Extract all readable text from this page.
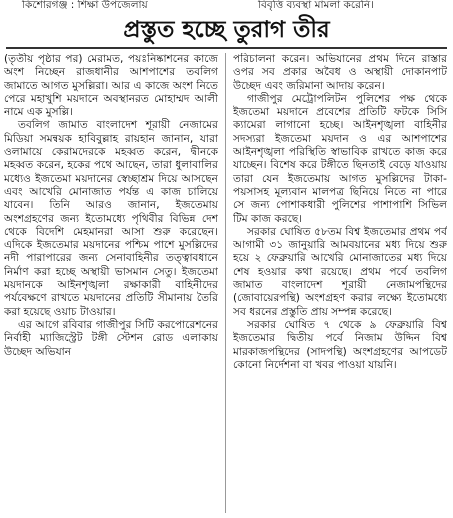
কিশোরগঞ্জ : শিক্ষা উপজেলায়	বিবৃত্তি ব্যবস্থা মামলা করেনি।
প্রস্তুত হচ্ছে তুরাগ তীর

(তৃতীয় পৃষ্ঠার পর) মেরামত, পয়ঃনিষ্কাশনের কাজে অংশ নিচ্ছেন রাজধানীর আশপাশের তবলিগ জামাতে আগত মুসল্লিরা। আর এ কাজে অংশ নিতে পেরে মহাখুশি ময়দানে অবস্থানরত মোহাম্মদ আলী নামে এক মুসল্লি।

তবলিগ জামাত বাংলাদেশ শূরায়ী নেজামের মিডিয়া সমন্বয়ক হাবিবুল্লাহ রায়হান জানান, যারা ওলামায়ে কেরামদেরকে মহব্বত করেন, দ্বীনকে মহব্বত করেন, হকের পথে আছেন, তারা ধুলাবালির মধ্যেও ইজতেমা ময়দানের স্বেচ্ছাশ্রম দিয়ে আসছেন এবং আখেরি মোনাজাত পর্যন্ত এ কাজ চালিয়ে যাবেন। তিনি আরও জানান, ইজতেমায় অংশগ্রহণের জন্য ইতোমধ্যে পৃথিবীর বিভিন্ন দেশ থেকে বিদেশি মেহমানরা আসা শুরু করেছেন। এদিকে ইজতেমার ময়দানের পশ্চিম পাশে মুসল্লিদের নদী পারাপারের জন্য সেনাবাহিনীর তত্ত্বাবধানে নির্মাণ করা হচ্ছে অস্থায়ী ভাসমান সেতু। ইজতেমা ময়দানকে আইনশৃঙ্খলা রক্ষাকারী বাহিনীদের পর্যবেক্ষণে রাখতে ময়দানের প্রতিটি সীমানায় তৈরি করা হয়েছে ওয়াচ টাওয়ার।

এর আগে রবিবার গাজীপুর সিটি করপোরেশনের নির্বাহী ম্যাজিস্ট্রেট টঙ্গী স্টেশন রোড এলাকায় উচ্ছেদ অভিযান

পরিচালনা করেন। অভিযানের প্রথম দিনে রাস্তার ওপর সব প্রকার অবৈধ ও অস্থায়ী দোকানপাট উচ্ছেদ এবং জরিমানা আদায় করেন।

গাজীপুর মেট্রোপলিটন পুলিশের পক্ষ থেকে ইজতেমা ময়দানে প্রবেশের প্রতিটি ফটকে সিসি ক্যামেরা লাগানো হচ্ছে। আইনশৃঙ্খলা বাহিনীর সদস্যরা ইজতেমা ময়দান ও এর আশপাশের আইনশৃঙ্খলা পরিস্থিতি স্বাভাবিক রাখতে কাজ করে যাচ্ছেন। বিশেষ করে টঙ্গীতে ছিনতাই বেড়ে যাওয়ায় তারা যেন ইজতেমায় আগত মুসল্লিদের টাকা-পয়সাসহ মূল্যবান মালপত্র ছিনিয়ে নিতে না পারে সে জন্য পোশাকধারী পুলিশের পাশাপাশি সিভিল টিম কাজ করছে।

সরকার ঘোষিত ৫৮তম বিশ্ব ইজতেমার প্রথম পর্ব আগামী ৩১ জানুয়ারি আমবয়ানের মধ্য দিয়ে শুরু হয়ে ২ ফেব্রুয়ারি আখেরি মোনাজাতের মধ্য দিয়ে শেষ হওয়ার কথা রয়েছে। প্রথম পর্বে তবলিগ জামাত বাংলাদেশ শূরায়ী নেজামপন্থিদের (জোবায়েরপন্থি) অংশগ্রহণ করার লক্ষ্যে ইতোমধ্যে সব ধরনের প্রস্তুতি প্রায় সম্পন্ন করেছে।

সরকার ঘোষিত ৭ থেকে ৯ ফেব্রুয়ারি বিশ্ব ইজতেমার দ্বিতীয় পর্বে নিজাম উদ্দিন বিশ্ব মারকাজপন্থিদের (সাদপন্থি) অংশগ্রহণের আপডেট কোনো নির্দেশনা বা খবর পাওয়া যায়নি।
